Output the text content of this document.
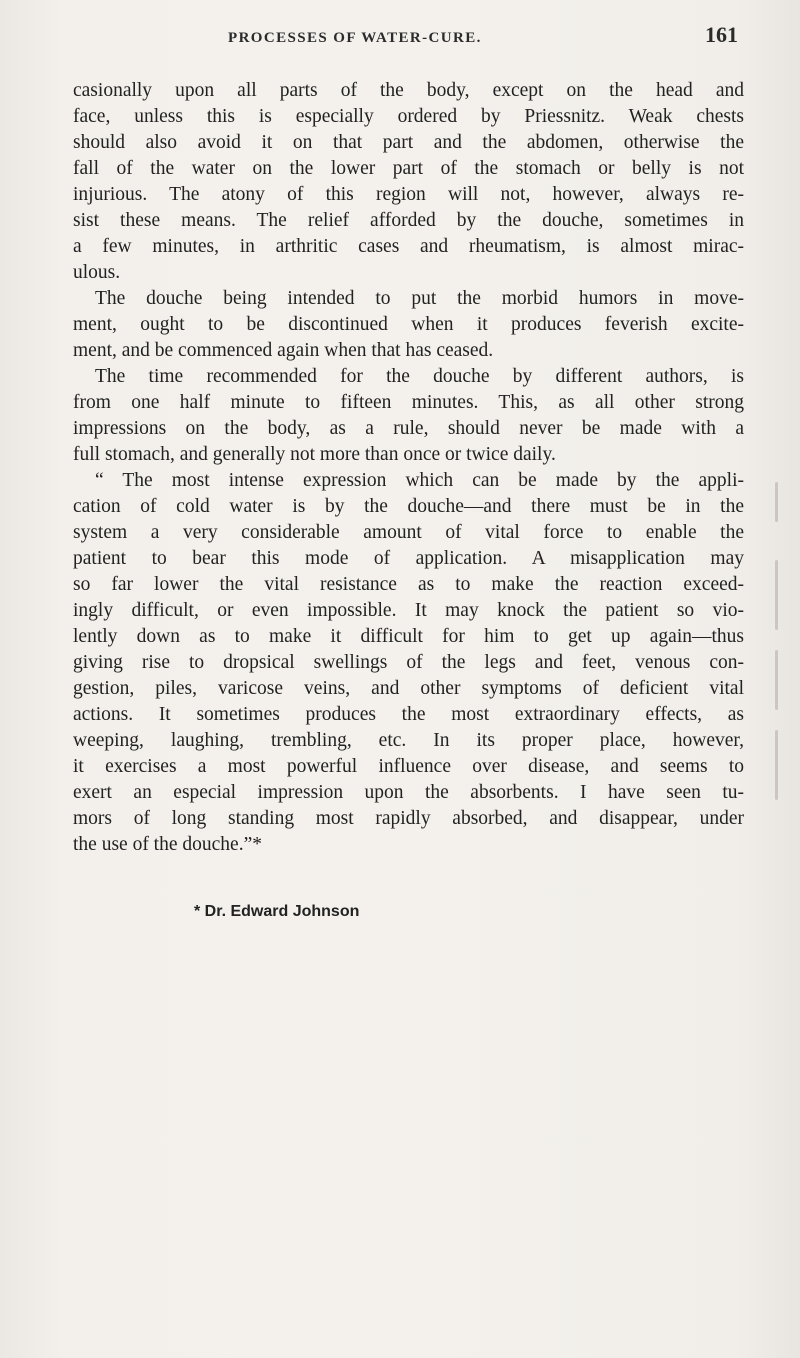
PROCESSES OF WATER-CURE.	161
casionally upon all parts of the body, except on the head and
face, unless this is especially ordered by Priessnitz. Weak chests
should also avoid it on that part and the abdomen, otherwise the
fall of the water on the lower part of the stomach or belly is not
injurious. The atony of this region will not, however, always re-
sist these means. The relief afforded by the douche, sometimes in
a few minutes, in arthritic cases and rheumatism, is almost mirac-
ulous.
The douche being intended to put the morbid humors in move-
ment, ought to be discontinued when it produces feverish excite-
ment, and be commenced again when that has ceased.
The time recommended for the douche by different authors, is
from one half minute to fifteen minutes. This, as all other strong
impressions on the body, as a rule, should never be made with a
full stomach, and generally not more than once or twice daily.
“ The most intense expression which can be made by the appli-
cation of cold water is by the douche—and there must be in the
system a very considerable amount of vital force to enable the
patient to bear this mode of application. A misapplication may
so far lower the vital resistance as to make the reaction exceed-
ingly difficult, or even impossible. It may knock the patient so vio-
lently down as to make it difficult for him to get up again—thus
giving rise to dropsical swellings of the legs and feet, venous con-
gestion, piles, varicose veins, and other symptoms of deficient vital
actions. It sometimes produces the most extraordinary effects, as
weeping, laughing, trembling, etc. In its proper place, however,
it exercises a most powerful influence over disease, and seems to
exert an especial impression upon the absorbents. I have seen tu-
mors of long standing most rapidly absorbed, and disappear, under
the use of the douche.”*
* Dr. Edward Johnson
